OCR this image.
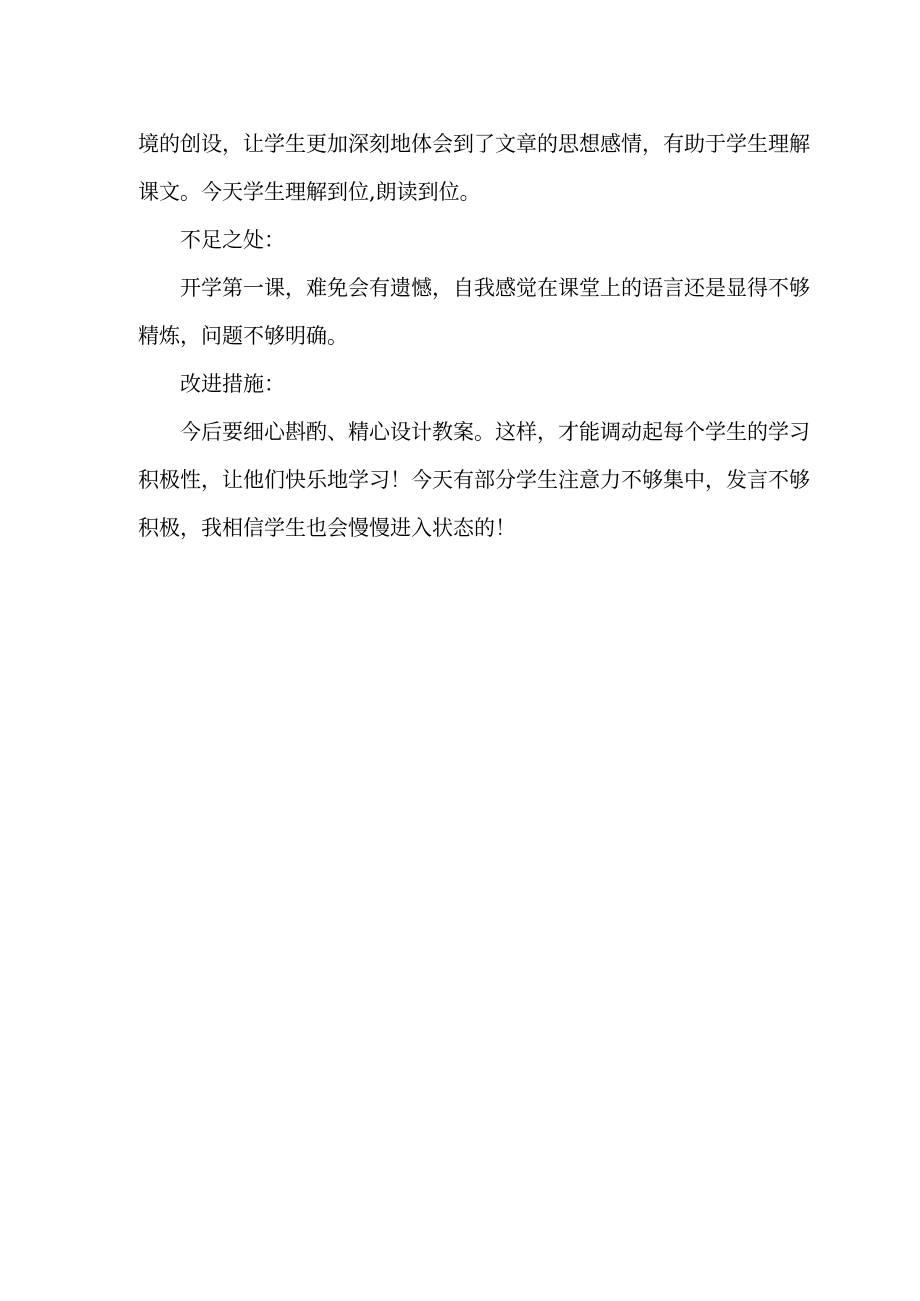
境的创设，让学生更加深刻地体会到了文章的思想感情，有助于学生理解
课文。今天学生理解到位,朗读到位。

不足之处：

开学第一课，难免会有遗憾，自我感觉在课堂上的语言还是显得不够
精炼，问题不够明确。

改进措施：

今后要细心斟酌、精心设计教案。这样，才能调动起每个学生的学习
积极性，让他们快乐地学习！今天有部分学生注意力不够集中，发言不够
积极，我相信学生也会慢慢进入状态的！
